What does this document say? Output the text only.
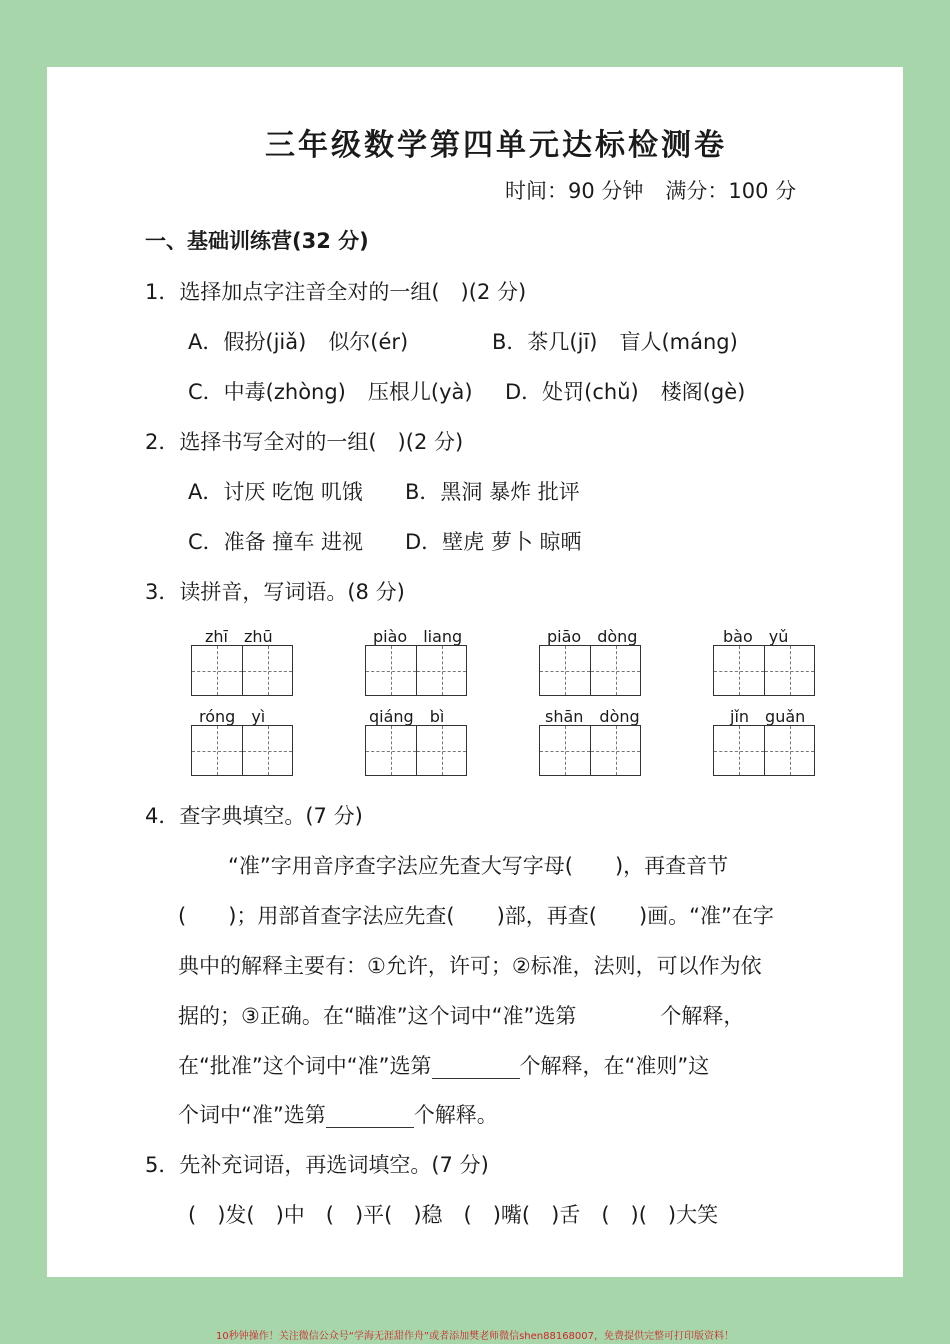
三年级数学第四单元达标检测卷
时间：90 分钟 满分：100 分
一、基础训练营(32 分)
1．选择加点字注音全对的一组(　)(2 分)
A．假扮(jiǎ) 似尔(ér)	B．茶几(jī) 盲人(máng)
C．中毒(zhòng) 压根儿(yà) D．处罚(chǔ) 楼阁(gè)
2．选择书写全对的一组(　)(2 分)
A．讨厌 吃饱 叽饿 B．黑洞 暴炸 批评
C．准备 撞车 进视 D．壁虎 萝卜 晾晒
3．读拼音，写词语。(8 分)
zhī　zhū	piào　liang	piāo　dòng	bào　yǔ
róng　yì	qiáng　bì	shān　dòng	jǐn　guǎn
4．查字典填空。(7 分)
“准”字用音序查字法应先查大写字母(　　)，再查音节
(　　)；用部首查字法应先查(　　)部，再查(　　)画。“准”在字
典中的解释主要有：①允许，许可；②标准，法则，可以作为依
据的；③正确。在“瞄准”这个词中“准”选第　　　　个解释，
在“批准”这个词中“准”选第	个解释，在“准则”这
个词中“准”选第	个解释。
5．先补充词语，再选词填空。(7 分)
(　)发(　)中　(　)平(　)稳　(　)嘴(　)舌　(　)(　)大笑
10秒钟操作！关注微信公众号“学海无涯甜作舟”或者添加樊老师微信shen88168007，免费提供完整可打印版资料！
